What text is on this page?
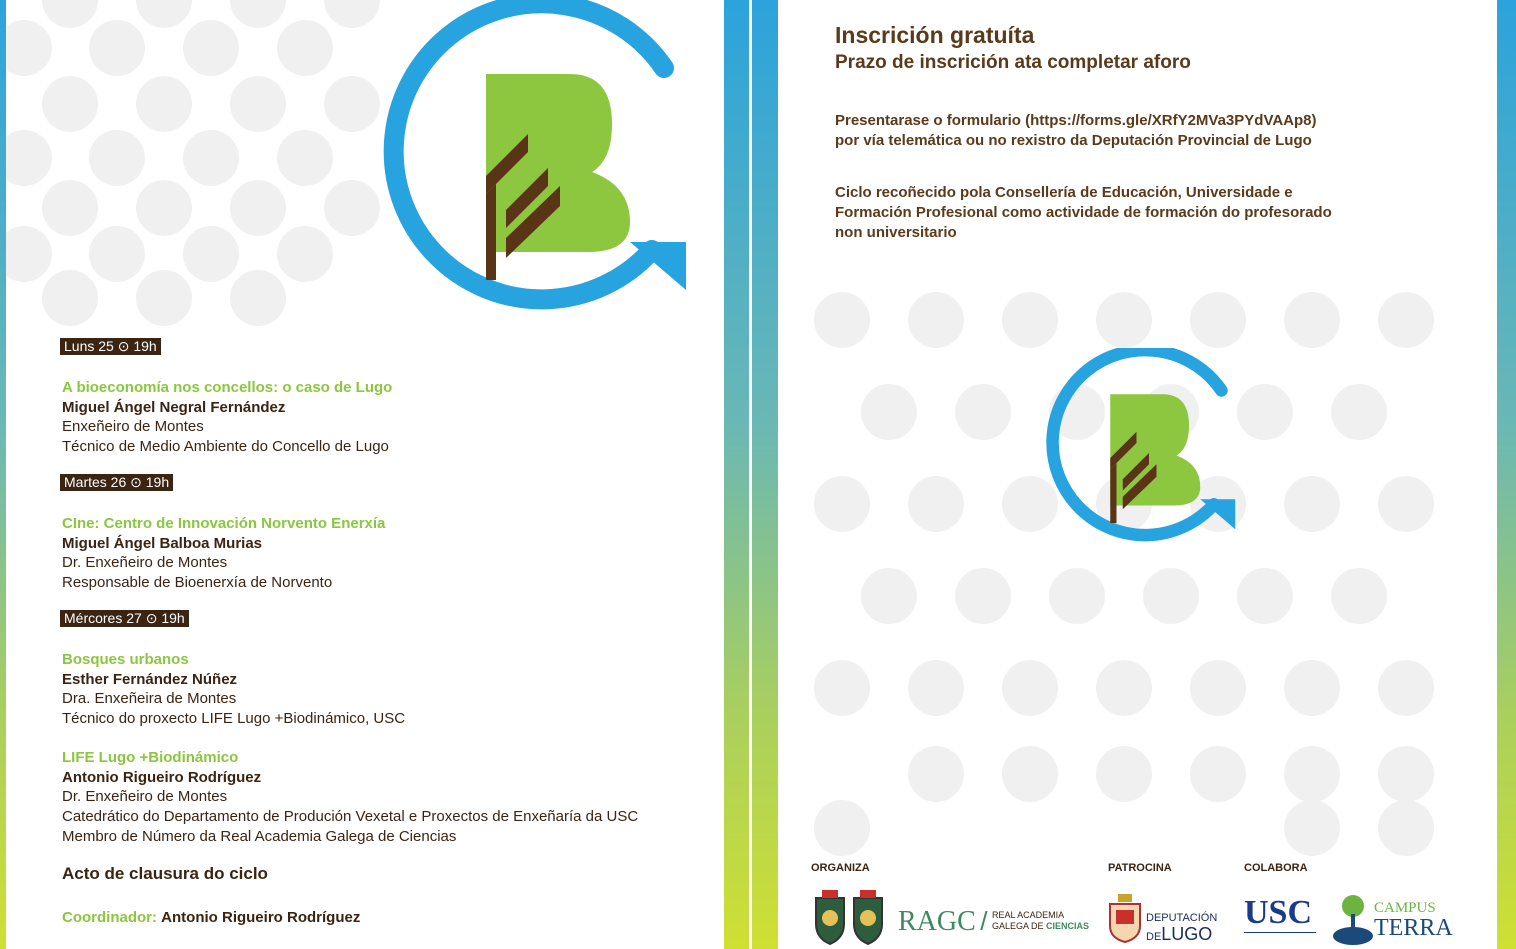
Luns 25 ⊙ 19h
A bioeconomía nos concellos: o caso de Lugo
Miguel Ángel Negral Fernández
Enxeñeiro de Montes
Técnico de Medio Ambiente do Concello de Lugo
Martes 26 ⊙ 19h
CIne: Centro de Innovación Norvento Enerxía
Miguel Ángel Balboa Murias
Dr. Enxeñeiro de Montes
Responsable de Bioenerxía de Norvento
Mércores 27 ⊙ 19h
Bosques urbanos
Esther Fernández Núñez
Dra. Enxeñeira de Montes
Técnico do proxecto LIFE Lugo +Biodinámico, USC
LIFE Lugo +Biodinámico
Antonio Rigueiro Rodríguez
Dr. Enxeñeiro de Montes
Catedrático do Departamento de Produción Vexetal e Proxectos de Enxeñaría da USC
Membro de Número da Real Academia Galega de Ciencias
Acto de clausura do ciclo
Coordinador: Antonio Rigueiro Rodríguez
Inscrición gratuíta
Prazo de inscrición ata completar aforo
Presentarase o formulario (https://forms.gle/XRfY2MVa3PYdVAAp8)
por vía telemática ou no rexistro da Deputación Provincial de Lugo
Ciclo recoñecido pola Consellería de Educación, Universidade e
Formación Profesional como actividade de formación do profesorado
non universitario
ORGANIZA	PATROCINA	COLABORA
RAGC / REAL ACADEMIA
GALEGA DE CIENCIAS
DEPUTACIÓN
DELUGO
USC	CAMPUS
TERRA
